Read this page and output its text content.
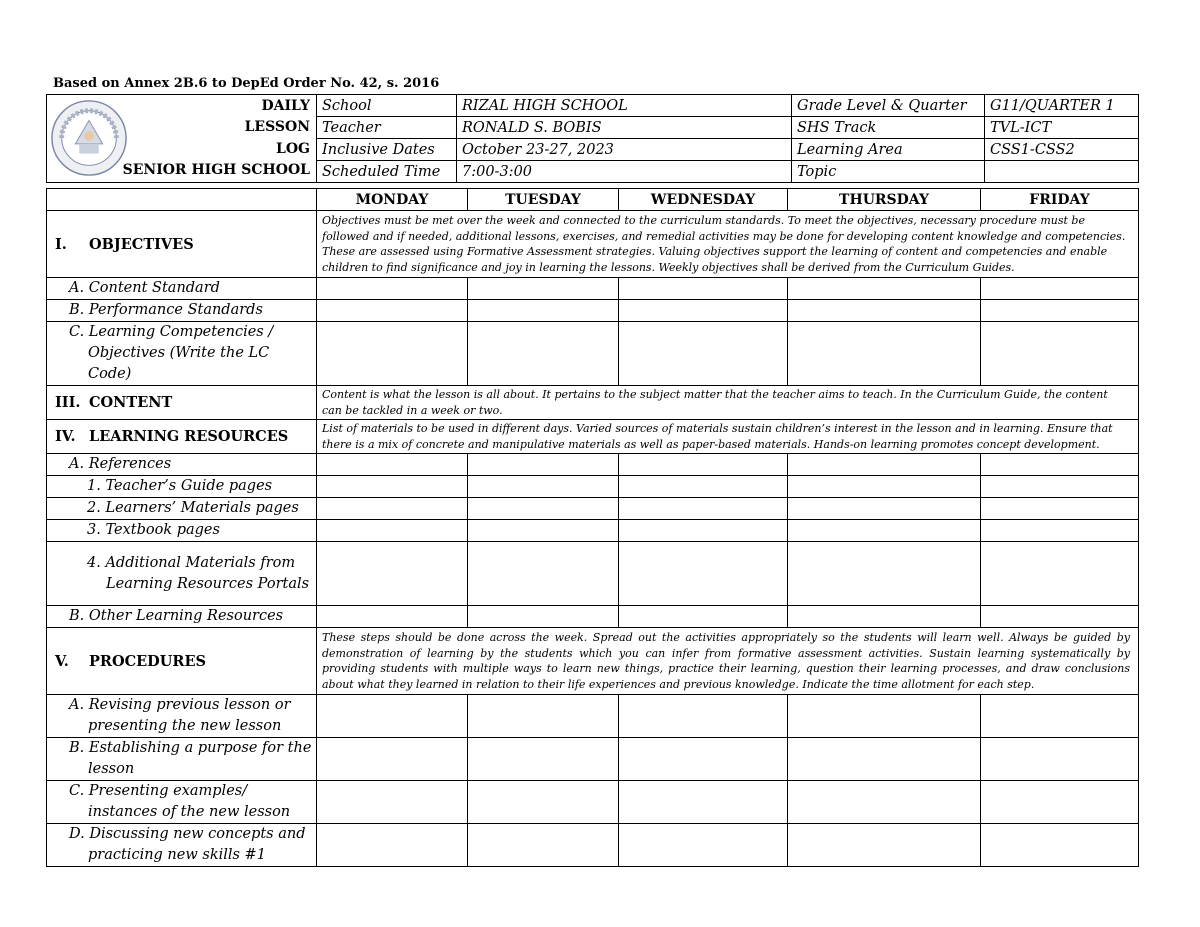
Based on Annex 2B.6 to DepEd Order No. 42, s. 2016
DAILY
LESSON
LOG
SENIOR HIGH SCHOOL	School	RIZAL HIGH SCHOOL	Grade Level & Quarter	G11/QUARTER 1
	Teacher	RONALD S. BOBIS	SHS Track	TVL-ICT
	Inclusive Dates	October 23-27, 2023	Learning Area	CSS1-CSS2
	Scheduled Time	7:00-3:00	Topic	
	MONDAY	TUESDAY	WEDNESDAY	THURSDAY	FRIDAY
I. OBJECTIVES	Objectives must be met over the week and connected to the curriculum standards. To meet the objectives, necessary procedure must be followed and if needed, additional lessons, exercises, and remedial activities may be done for developing content knowledge and competencies. These are assessed using Formative Assessment strategies. Valuing objectives support the learning of content and competencies and enable children to find significance and joy in learning the lessons. Weekly objectives shall be derived from the Curriculum Guides.				
A. Content Standard					
B. Performance Standards					

C. Learning Competencies / Objectives (Write the LC Code)					

III. CONTENT	Content is what the lesson is all about. It pertains to the subject matter that the teacher aims to teach. In the Curriculum Guide, the content can be tackled in a week or two.				
IV. LEARNING RESOURCES	List of materials to be used in different days. Varied sources of materials sustain children’s interest in the lesson and in learning. Ensure that there is a mix of concrete and manipulative materials as well as paper-based materials. Hands-on learning promotes concept development.				
A. References					
1. Teacher’s Guide pages					
2. Learners’ Materials pages					
3. Textbook pages					

4. Additional Materials from Learning Resources Portals					

B. Other Learning Resources					
V. PROCEDURES	These steps should be done across the week. Spread out the activities appropriately so the students will learn well. Always be guided by demonstration of learning by the students which you can infer from formative assessment activities. Sustain learning systematically by providing students with multiple ways to learn new things, practice their learning, question their learning processes, and draw conclusions about what they learned in relation to their life experiences and previous knowledge. Indicate the time allotment for each step.				

A. Revising previous lesson or presenting the new lesson					

B. Establishing a purpose for the lesson					

C. Presenting examples/ instances of the new lesson					

D. Discussing new concepts and practicing new skills #1					
